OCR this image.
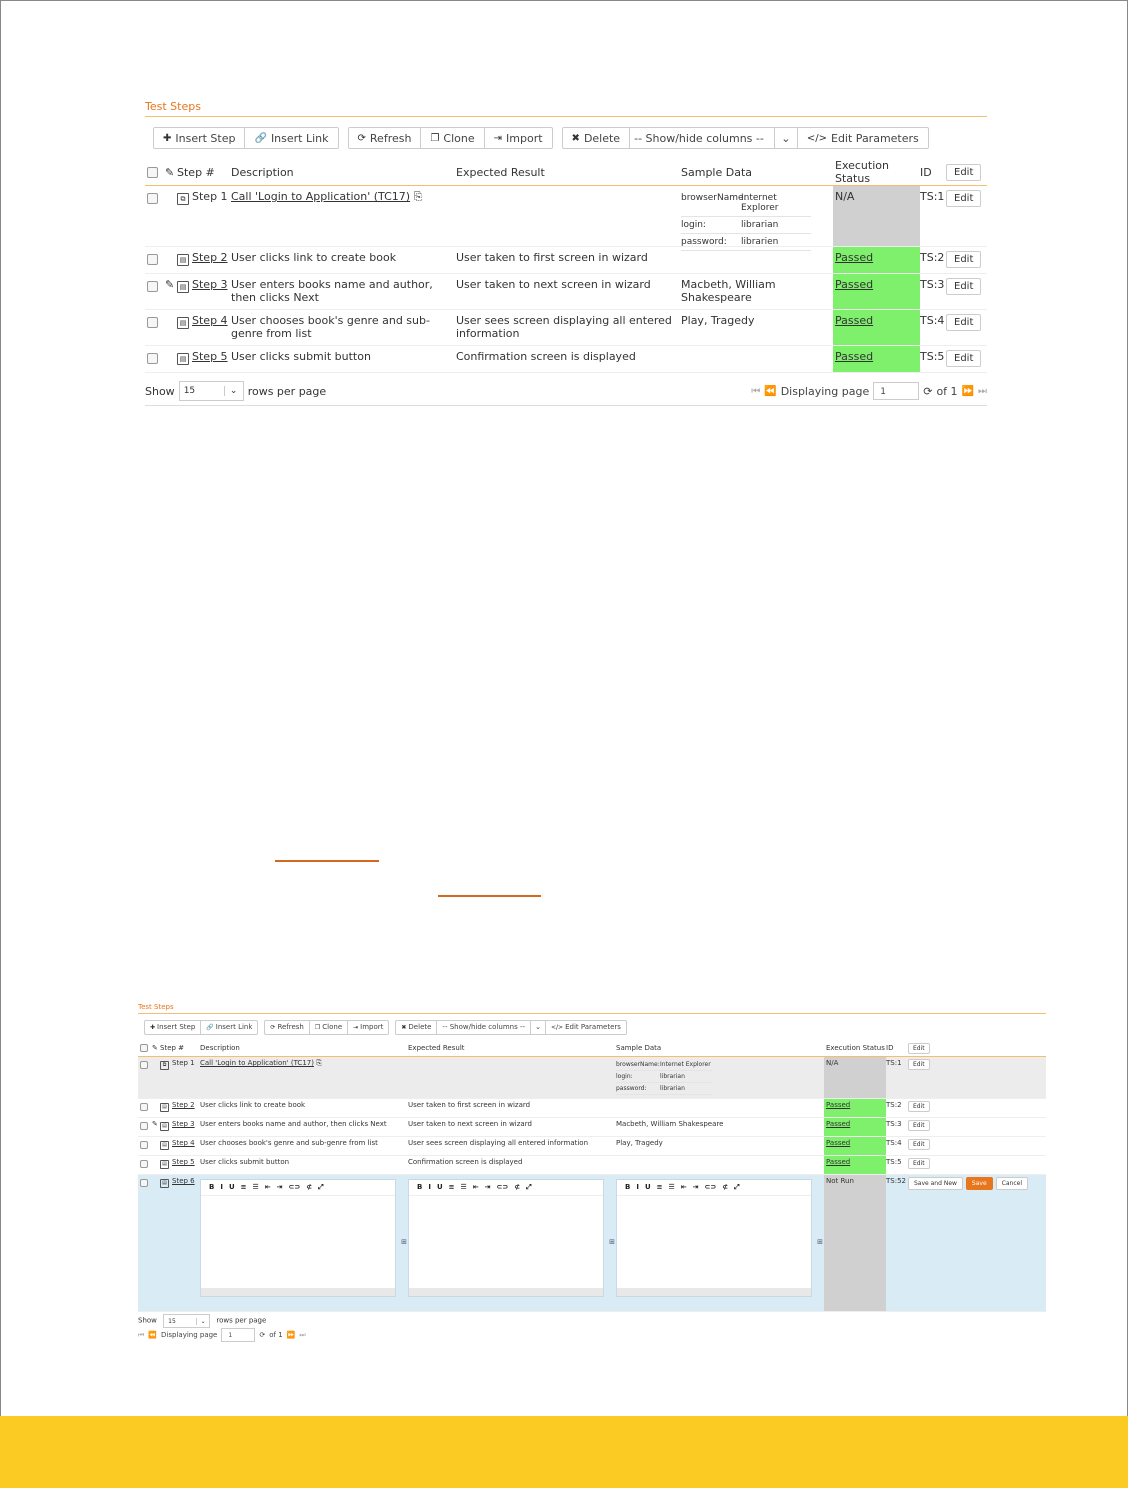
Test Steps
✚ Insert Step 🔗 Insert Link	⟳ Refresh ❐ Clone ⇥ Import	✖ Delete	-- Show/hide columns --	⌄	</> Edit Parameters
✎ Step #	Description	Expected Result	Sample Data	Execution Status	ID	Edit
⧉ Step 1 Call 'Login to Application' (TC17) ⎘	browserName:
Internet Explorer
login:	librarian
password:	librarien
N/A	TS:1 Edit
▤ Step 2 User clicks link to create book	User taken to first screen in wizard	Passed	TS:2 Edit
✎ ▤ Step 3 User enters books name and author, then clicks Next
User taken to next screen in wizard	Macbeth, William Shakespeare
Passed	TS:3 Edit
▤ Step 4 User chooses book's genre and sub-genre from list
User sees screen displaying all entered information
Play, Tragedy	Passed	TS:4 Edit
▤ Step 5 User clicks submit button	Confirmation screen is displayed	Passed	TS:5 Edit
Show	15	⌄ rows per page	⏮ ⏪ Displaying page	1	⟳ of 1 ⏩ ⏭
Test Steps
✚ Insert Step 🔗 Insert Link	⟳ Refresh ❐ Clone ⇥ Import	✖ Delete	-- Show/hide columns --	⌄	</> Edit Parameters
✎ Step #	Description	Expected Result	Sample Data	Execution Status ID	Edit
⧉ Step 1 Call 'Login to Application' (TC17) ⎘	browserName: Internet Explorer
login:	librarian
password:	librarian
N/A	TS:1	Edit
▤ Step 2 User clicks link to create book	User taken to first screen in wizard	Passed	TS:2	Edit
✎ ▤ Step 3 User enters books name and author, then clicks Next	User taken to next screen in wizard	Macbeth, William Shakespeare	Passed	TS:3	Edit
▤ Step 4 User chooses book's genre and sub-genre from list	User sees screen displaying all entered information	Play, Tragedy	Passed	TS:4	Edit
▤ Step 5 User clicks submit button	Confirmation screen is displayed	Passed	TS:5	Edit
▤ Step 6
B I U ≡ ☰ ⇤ ⇥ ⊂⊃ ⊄ ⤢
⊞
B I U ≡ ☰ ⇤ ⇥ ⊂⊃ ⊄ ⤢
⊞
B I U ≡ ☰ ⇤ ⇥ ⊂⊃ ⊄ ⤢
⊞
Not Run	TS:52	Save and New	Save	Cancel
Show	15	⌄	rows per page
⏮ ⏪ Displaying page	1	⟳ of 1 ⏩ ⏭
